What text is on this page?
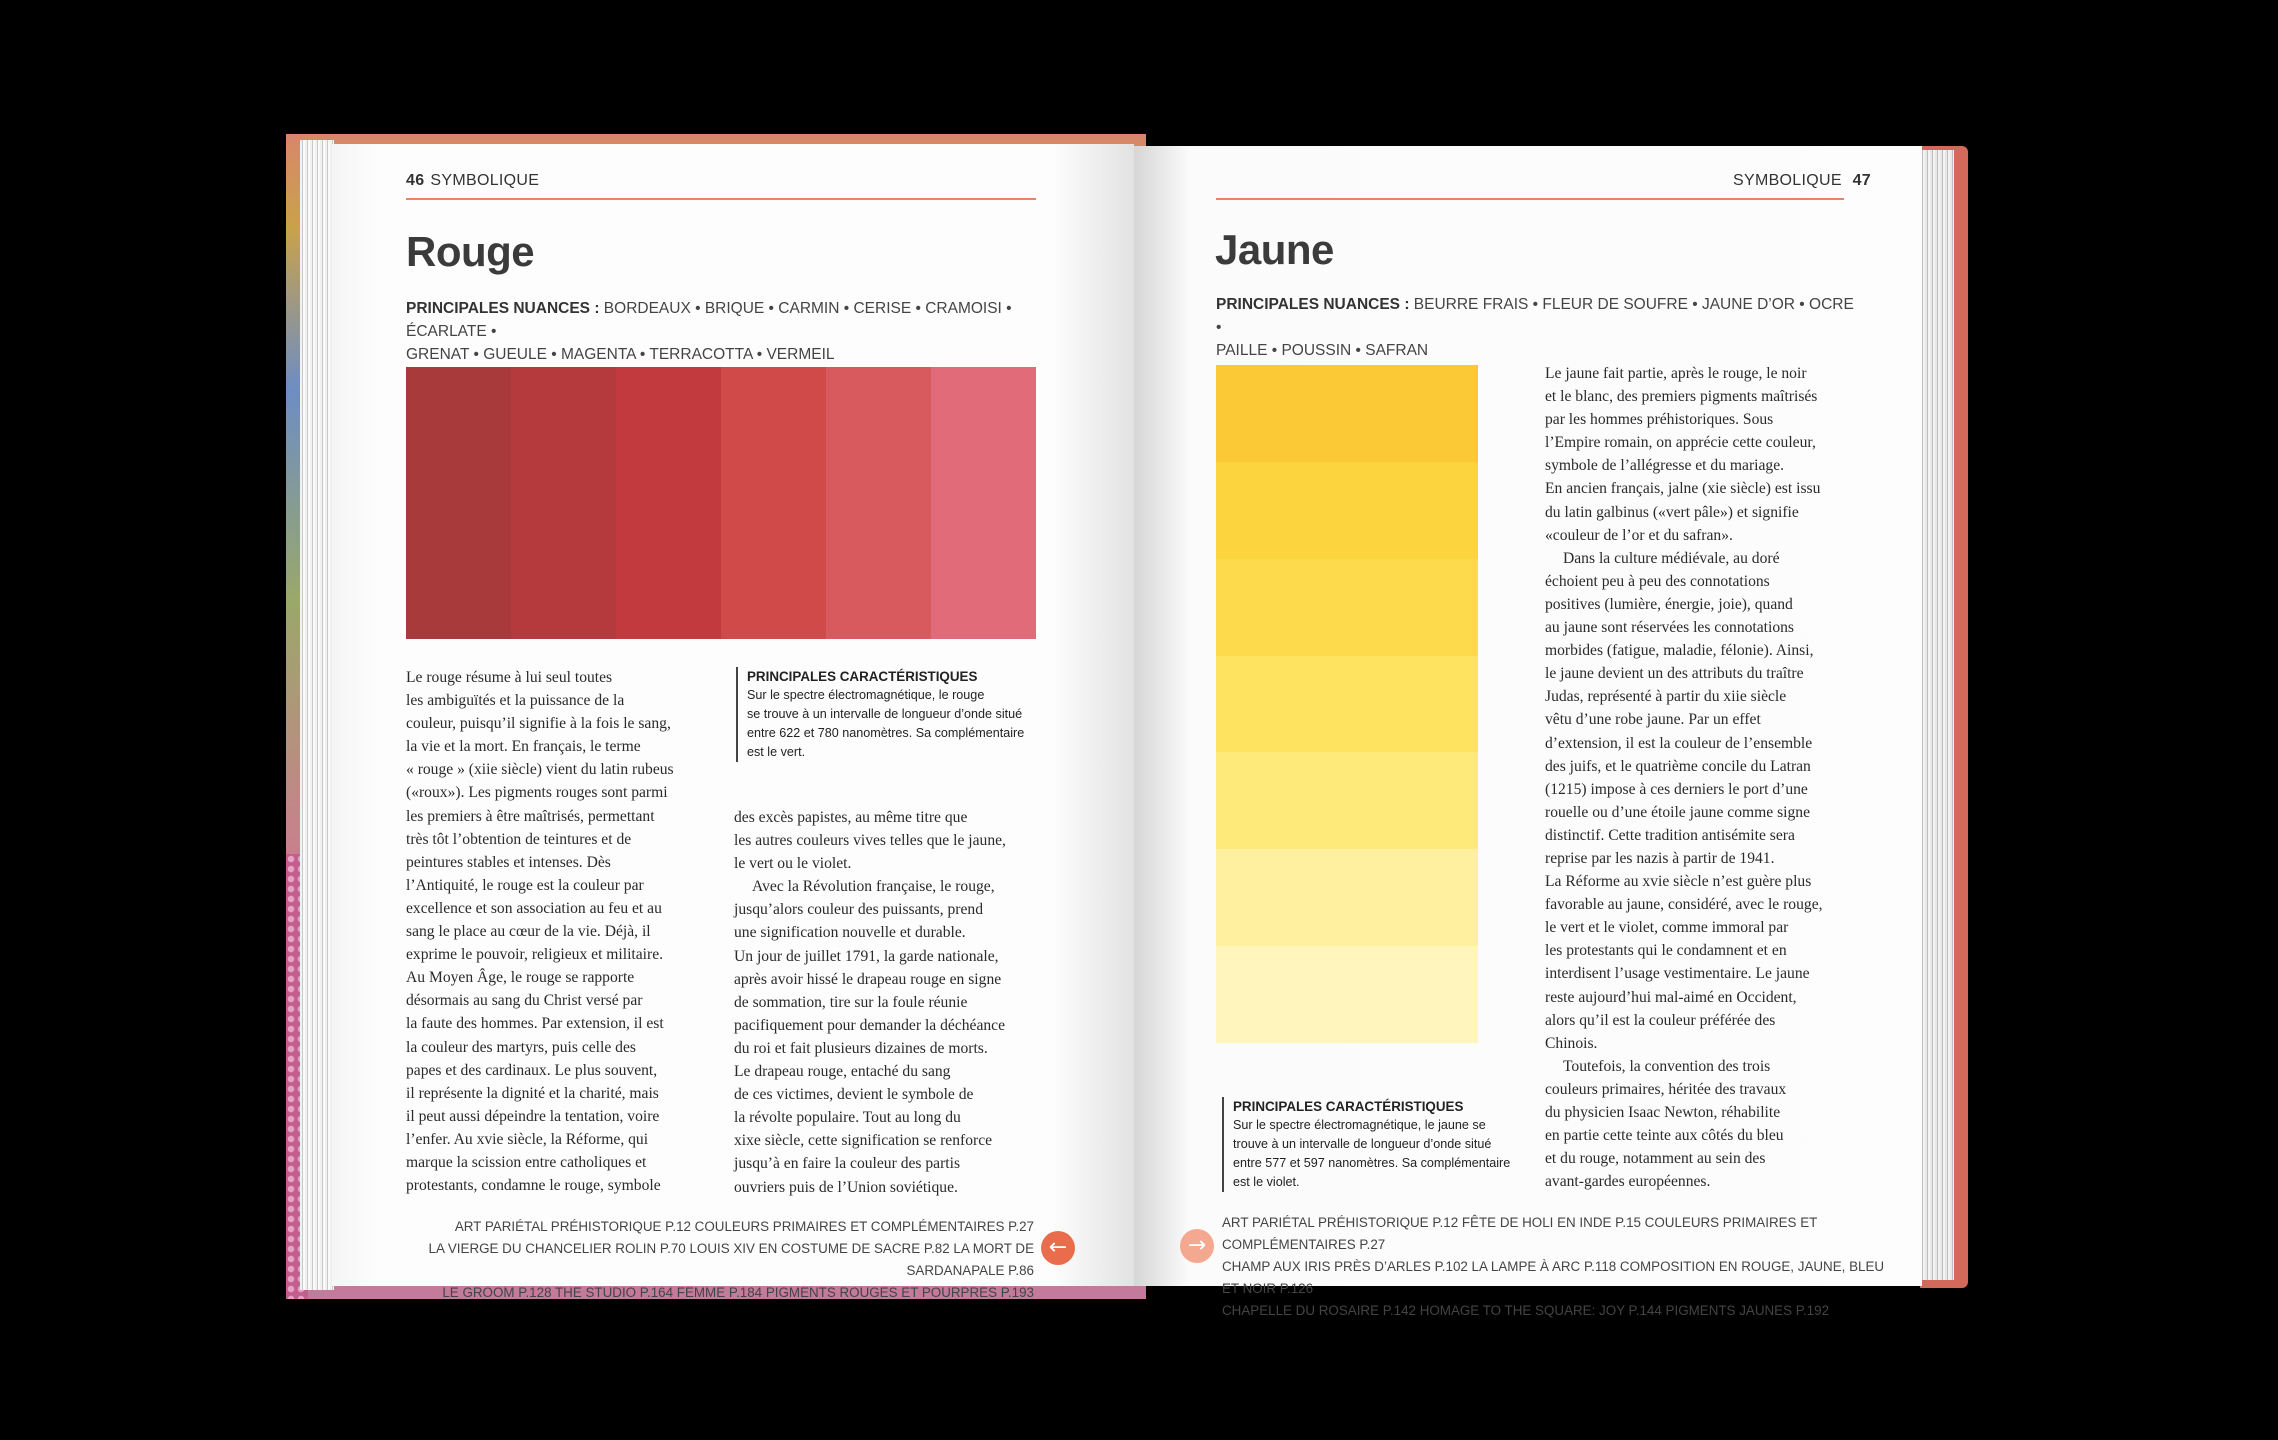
46 SYMBOLIQUE
Rouge
PRINCIPALES NUANCES : BORDEAUX • BRIQUE • CARMIN • CERISE • CRAMOISI • ÉCARLATE •
GRENAT • GUEULE • MAGENTA • TERRACOTTA • VERMEIL

Le rouge résume à lui seul toutes

les ambiguïtés et la puissance de la

couleur, puisqu’il signifie à la fois le sang,

la vie et la mort. En français, le terme

« rouge » (xiie siècle) vient du latin rubeus

(«roux»). Les pigments rouges sont parmi

les premiers à être maîtrisés, permettant

très tôt l’obtention de teintures et de

peintures stables et intenses. Dès

l’Antiquité, le rouge est la couleur par

excellence et son association au feu et au

sang le place au cœur de la vie. Déjà, il

exprime le pouvoir, religieux et militaire.

Au Moyen Âge, le rouge se rapporte

désormais au sang du Christ versé par

la faute des hommes. Par extension, il est

la couleur des martyrs, puis celle des

papes et des cardinaux. Le plus souvent,

il représente la dignité et la charité, mais

il peut aussi dépeindre la tentation, voire

l’enfer. Au xvie siècle, la Réforme, qui

marque la scission entre catholiques et

protestants, condamne le rouge, symbole

PRINCIPALES CARACTÉRISTIQUES

Sur le spectre électromagnétique, le rouge

se trouve à un intervalle de longueur d’onde situé

entre 622 et 780 nanomètres. Sa complémentaire

est le vert.

des excès papistes, au même titre que

les autres couleurs vives telles que le jaune,

le vert ou le violet.

Avec la Révolution française, le rouge,

jusqu’alors couleur des puissants, prend

une signification nouvelle et durable.

Un jour de juillet 1791, la garde nationale,

après avoir hissé le drapeau rouge en signe

de sommation, tire sur la foule réunie

pacifiquement pour demander la déchéance

du roi et fait plusieurs dizaines de morts.

Le drapeau rouge, entaché du sang

de ces victimes, devient le symbole de

la révolte populaire. Tout au long du

xixe siècle, cette signification se renforce

jusqu’à en faire la couleur des partis

ouvriers puis de l’Union soviétique.

ART PARIÉTAL PRÉHISTORIQUE P.12 COULEURS PRIMAIRES ET COMPLÉMENTAIRES P.27
LA VIERGE DU CHANCELIER ROLIN P.70 LOUIS XIV EN COSTUME DE SACRE P.82 LA MORT DE SARDANAPALE P.86
LE GROOM P.128 THE STUDIO P.164 FEMME P.184 PIGMENTS ROUGES ET POURPRES P.193
←
SYMBOLIQUE 47
Jaune
PRINCIPALES NUANCES : BEURRE FRAIS • FLEUR DE SOUFRE • JAUNE D’OR • OCRE •
PAILLE • POUSSIN • SAFRAN
PRINCIPALES CARACTÉRISTIQUES

Sur le spectre électromagnétique, le jaune se

trouve à un intervalle de longueur d’onde situé

entre 577 et 597 nanomètres. Sa complémentaire

est le violet.

Le jaune fait partie, après le rouge, le noir

et le blanc, des premiers pigments maîtrisés

par les hommes préhistoriques. Sous

l’Empire romain, on apprécie cette couleur,

symbole de l’allégresse et du mariage.

En ancien français, jalne (xie siècle) est issu

du latin galbinus («vert pâle») et signifie

«couleur de l’or et du safran».

Dans la culture médiévale, au doré

échoient peu à peu des connotations

positives (lumière, énergie, joie), quand

au jaune sont réservées les connotations

morbides (fatigue, maladie, félonie). Ainsi,

le jaune devient un des attributs du traître

Judas, représenté à partir du xiie siècle

vêtu d’une robe jaune. Par un effet

d’extension, il est la couleur de l’ensemble

des juifs, et le quatrième concile du Latran

(1215) impose à ces derniers le port d’une

rouelle ou d’une étoile jaune comme signe

distinctif. Cette tradition antisémite sera

reprise par les nazis à partir de 1941.

La Réforme au xvie siècle n’est guère plus

favorable au jaune, considéré, avec le rouge,

le vert et le violet, comme immoral par

les protestants qui le condamnent et en

interdisent l’usage vestimentaire. Le jaune

reste aujourd’hui mal-aimé en Occident,

alors qu’il est la couleur préférée des

Chinois.

Toutefois, la convention des trois

couleurs primaires, héritée des travaux

du physicien Isaac Newton, réhabilite

en partie cette teinte aux côtés du bleu

et du rouge, notamment au sein des

avant-gardes européennes.

ART PARIÉTAL PRÉHISTORIQUE P.12 FÊTE DE HOLI EN INDE P.15 COULEURS PRIMAIRES ET COMPLÉMENTAIRES P.27
CHAMP AUX IRIS PRÈS D’ARLES P.102 LA LAMPE À ARC P.118 COMPOSITION EN ROUGE, JAUNE, BLEU ET NOIR P.126
CHAPELLE DU ROSAIRE P.142 HOMAGE TO THE SQUARE: JOY P.144 PIGMENTS JAUNES P.192
→
